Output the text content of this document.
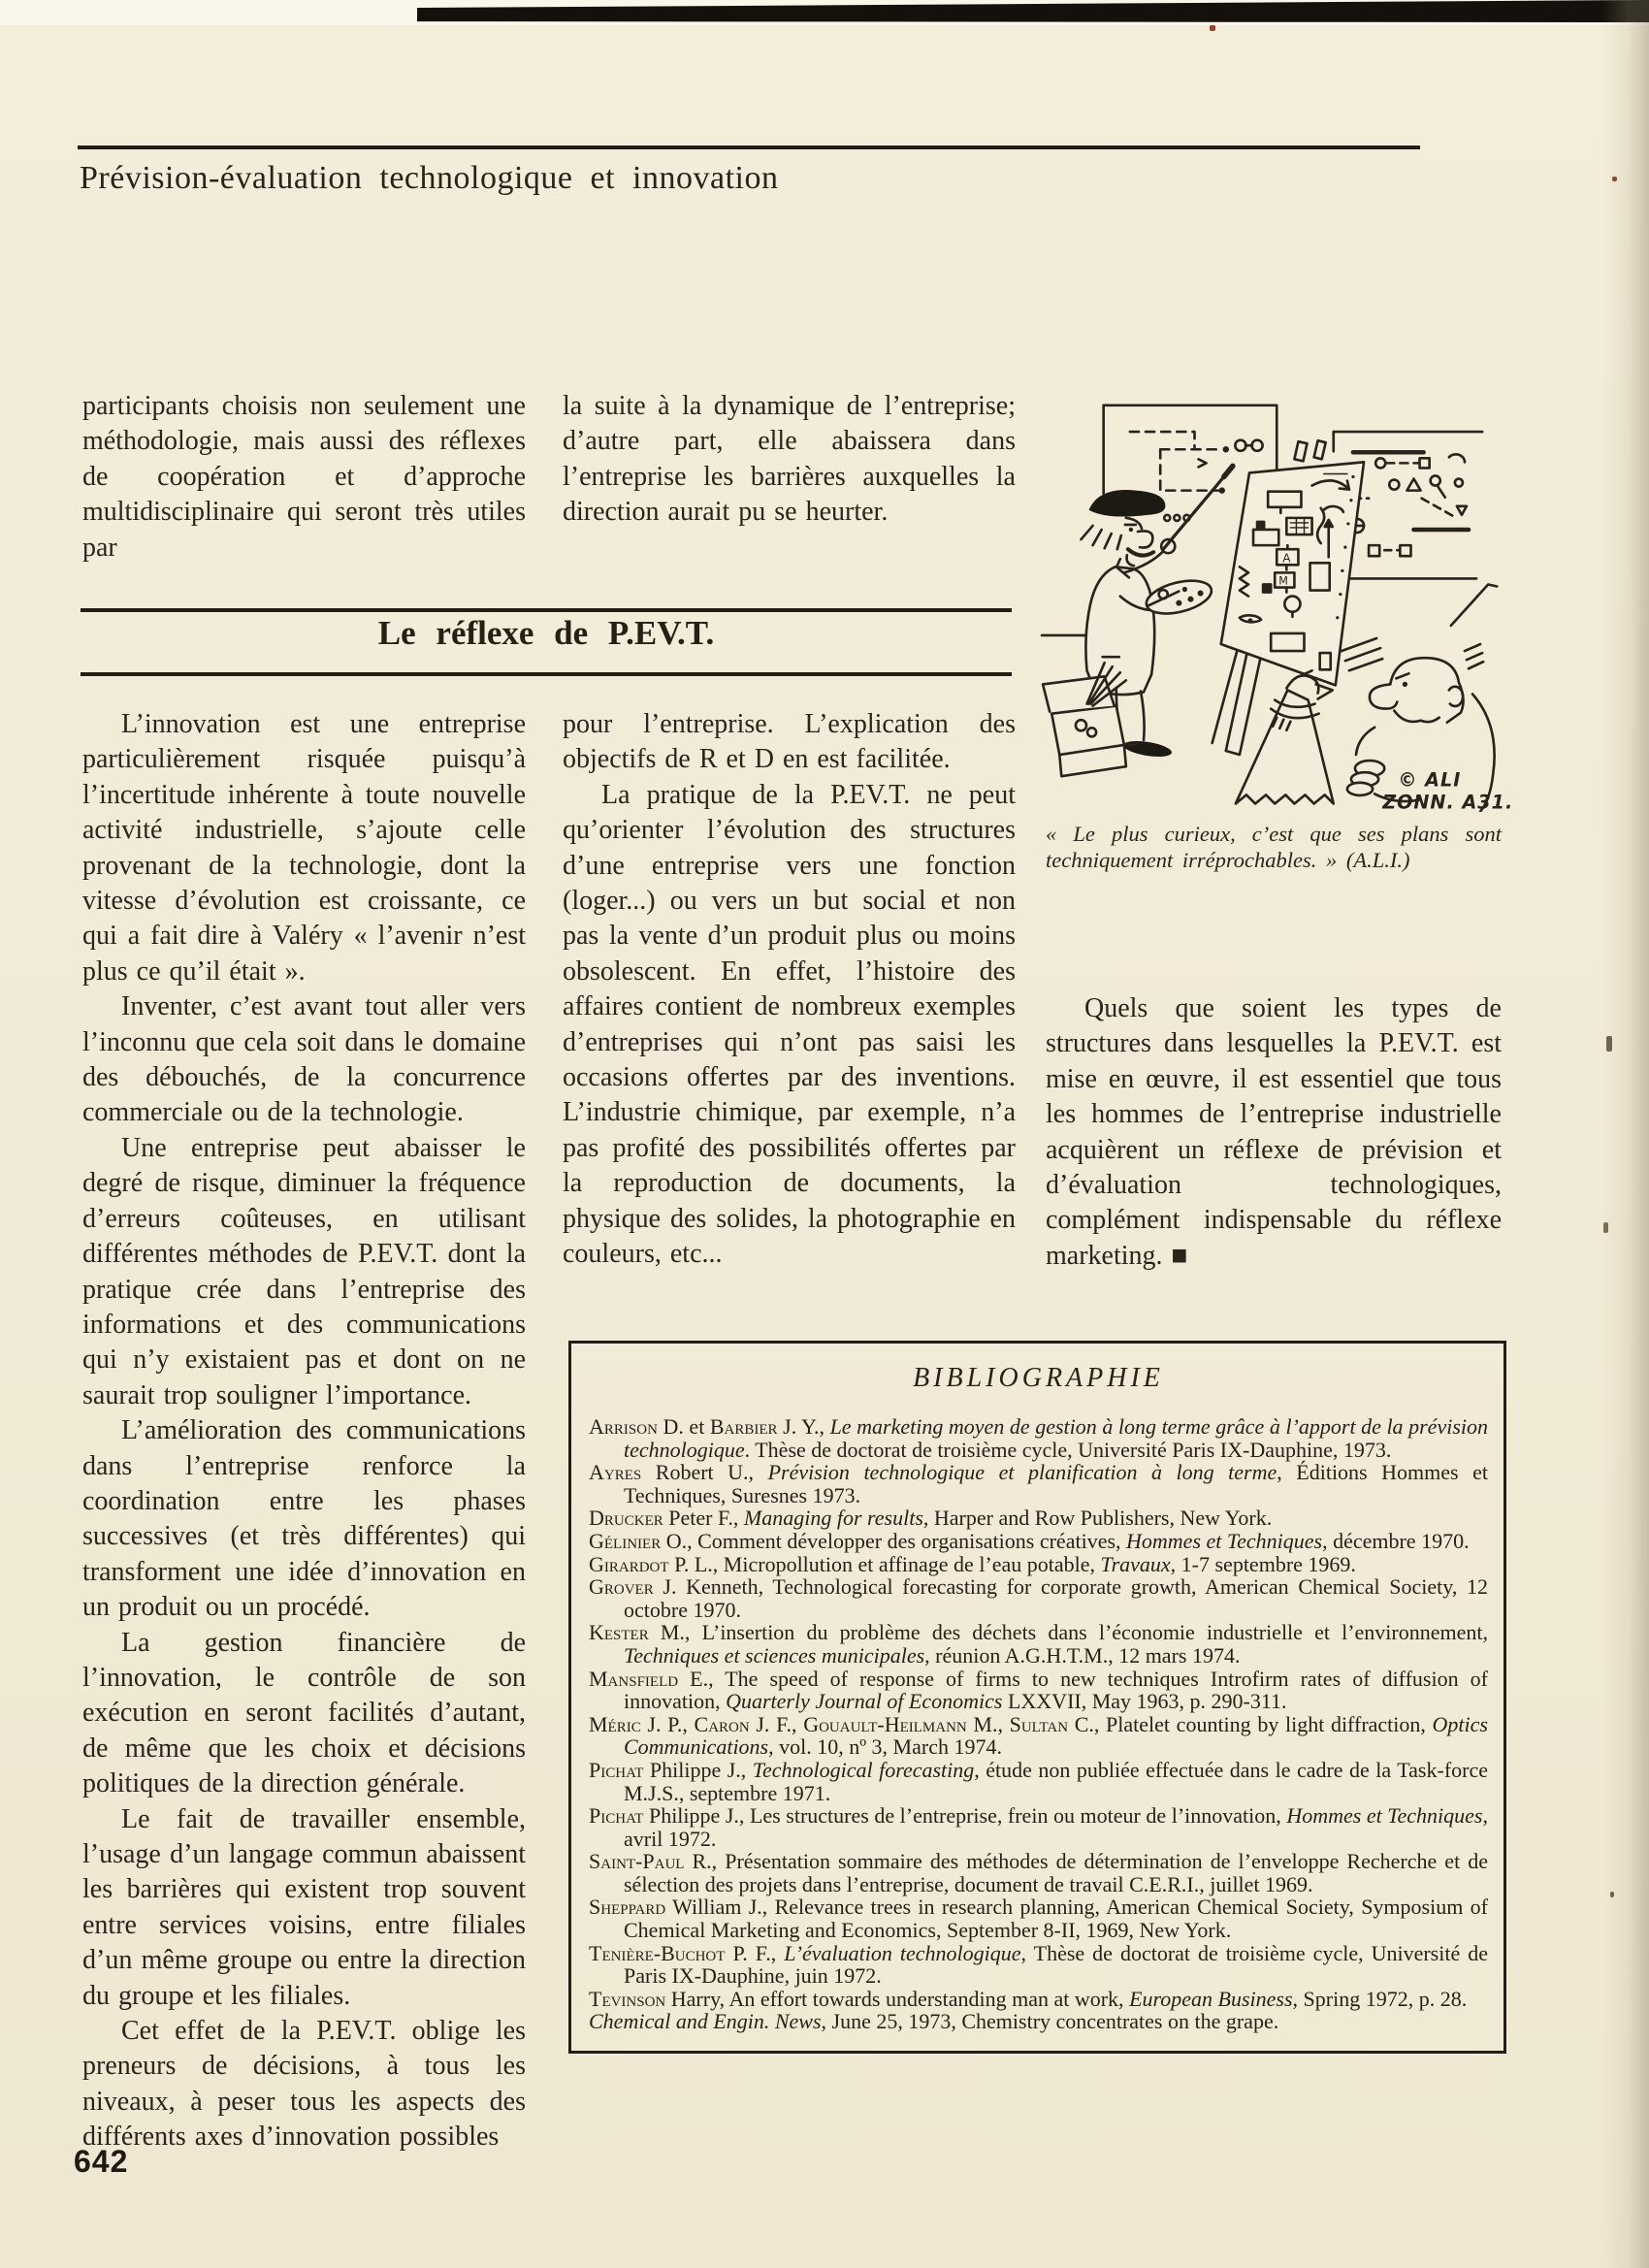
Prévision-évaluation technologique et innovation
participants choisis non seulement une méthodologie, mais aussi des réflexes de coopération et d’approche multidisciplinaire qui seront très utiles par
la suite à la dynamique de l’entreprise; d’autre part, elle abaissera dans l’entreprise les barrières auxquelles la direction aurait pu se heurter.
Le réflexe de P.EV.T.

L’innovation est une entreprise particulièrement risquée puisqu’à l’incertitude inhérente à toute nouvelle activité industrielle, s’ajoute celle provenant de la technologie, dont la vitesse d’évolution est croissante, ce qui a fait dire à Valéry « l’avenir n’est plus ce qu’il était ».

Inventer, c’est avant tout aller vers l’inconnu que cela soit dans le domaine des débouchés, de la concurrence commerciale ou de la technologie.

Une entreprise peut abaisser le degré de risque, diminuer la fréquence d’erreurs coûteuses, en utilisant différentes méthodes de P.EV.T. dont la pratique crée dans l’entreprise des informations et des communications qui n’y existaient pas et dont on ne saurait trop souligner l’importance.

L’amélioration des communications dans l’entreprise renforce la coordination entre les phases successives (et très différentes) qui transforment une idée d’innovation en un produit ou un procédé.

La gestion financière de l’innovation, le contrôle de son exécution en seront facilités d’autant, de même que les choix et décisions politiques de la direction générale.

Le fait de travailler ensemble, l’usage d’un langage commun abaissent les barrières qui existent trop souvent entre services voisins, entre filiales d’un même groupe ou entre la direction du groupe et les filiales.

Cet effet de la P.EV.T. oblige les preneurs de décisions, à tous les niveaux, à peser tous les aspects des différents axes d’innovation possibles

pour l’entreprise. L’explication des objectifs de R et D en est facilitée.

La pratique de la P.EV.T. ne peut qu’orienter l’évolution des structures d’une entreprise vers une fonction (loger...) ou vers un but social et non pas la vente d’un produit plus ou moins obsolescent. En effet, l’histoire des affaires contient de nombreux exemples d’entreprises qui n’ont pas saisi les occasions offertes par des inventions. L’industrie chimique, par exemple, n’a pas profité des possibilités offertes par la reproduction de documents, la physique des solides, la photographie en couleurs, etc...

Quels que soient les types de structures dans lesquelles la P.EV.T. est mise en œuvre, il est essentiel que tous les hommes de l’entreprise industrielle acquièrent un réflexe de prévision et d’évaluation technologiques, complément indispensable du réflexe marketing. ■

A
M
© ALI
ZONN. A31.
« Le plus curieux, c’est que ses plans sont techniquement irréprochables. » (A.L.I.)
BIBLIOGRAPHIE

Arrison D. et Barbier J. Y., Le marketing moyen de gestion à long terme grâce à l’apport de la prévision technologique. Thèse de doctorat de troisième cycle, Université Paris IX-Dauphine, 1973.

Ayres Robert U., Prévision technologique et planification à long terme, Éditions Hommes et Techniques, Suresnes 1973.

Drucker Peter F., Managing for results, Harper and Row Publishers, New York.

Gélinier O., Comment développer des organisations créatives, Hommes et Techniques, décembre 1970.

Girardot P. L., Micropollution et affinage de l’eau potable, Travaux, 1-7 septembre 1969.

Grover J. Kenneth, Technological forecasting for corporate growth, American Chemical Society, 12 octobre 1970.

Kester M., L’insertion du problème des déchets dans l’économie industrielle et l’environnement, Techniques et sciences municipales, réunion A.G.H.T.M., 12 mars 1974.

Mansfield E., The speed of response of firms to new techniques Introfirm rates of diffusion of innovation, Quarterly Journal of Economics LXXVII, May 1963, p. 290-311.

Méric J. P., Caron J. F., Gouault-Heilmann M., Sultan C., Platelet counting by light diffraction, Optics Communications, vol. 10, nº 3, March 1974.

Pichat Philippe J., Technological forecasting, étude non publiée effectuée dans le cadre de la Task-force M.J.S., septembre 1971.

Pichat Philippe J., Les structures de l’entreprise, frein ou moteur de l’innovation, Hommes et Techniques, avril 1972.

Saint-Paul R., Présentation sommaire des méthodes de détermination de l’enveloppe Recherche et de sélection des projets dans l’entreprise, document de travail C.E.R.I., juillet 1969.

Sheppard William J., Relevance trees in research planning, American Chemical Society, Symposium of Chemical Marketing and Economics, September 8-II, 1969, New York.

Tenière-Buchot P. F., L’évaluation technologique, Thèse de doctorat de troisième cycle, Université de Paris IX-Dauphine, juin 1972.

Tevinson Harry, An effort towards understanding man at work, European Business, Spring 1972, p. 28.

Chemical and Engin. News, June 25, 1973, Chemistry concentrates on the grape.

642
